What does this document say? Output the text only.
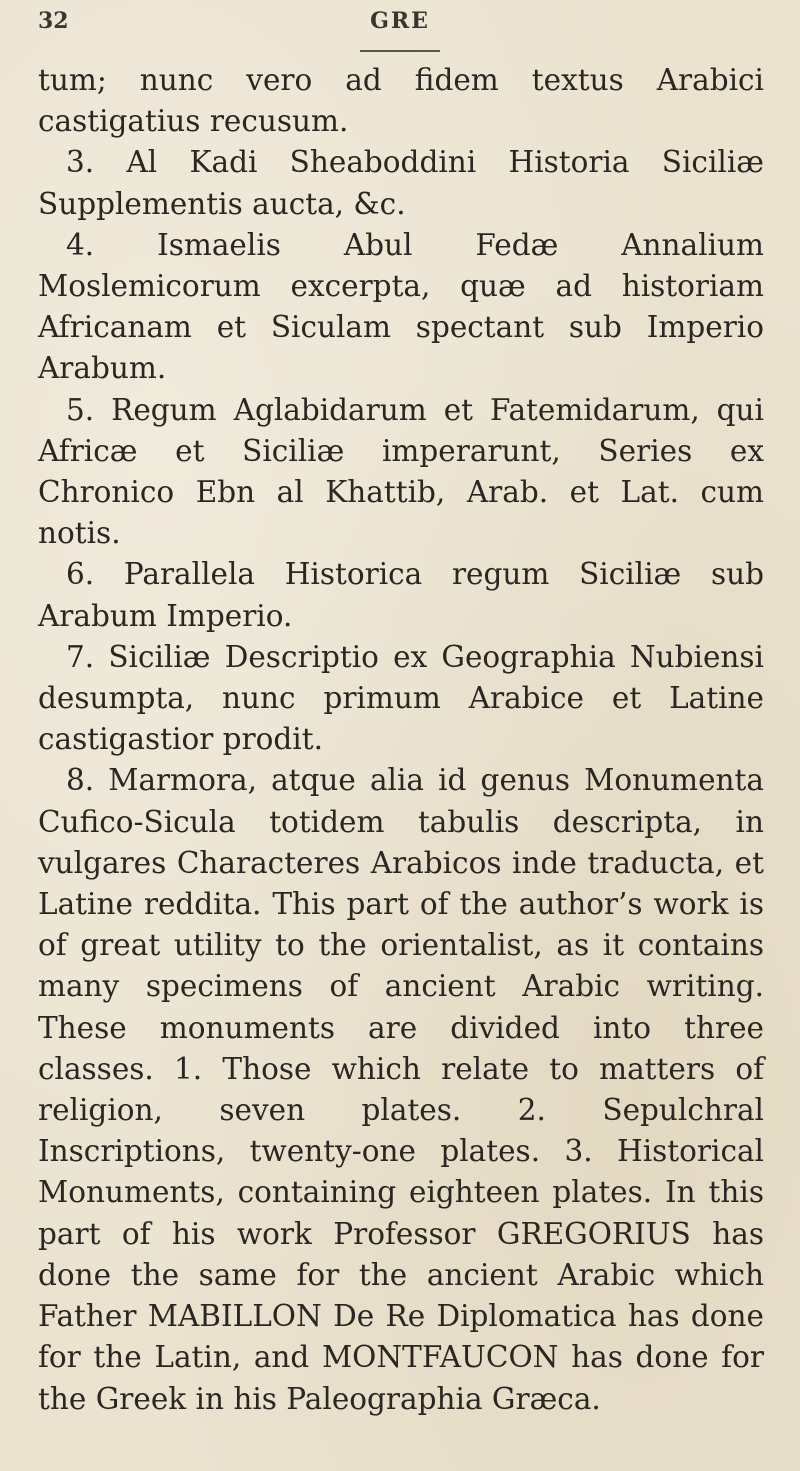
32	GRE

tum; nunc vero ad fidem textus Arabici castigatius recusum.

3. Al Kadi Sheaboddini Historia Siciliæ Supplementis aucta, &c.

4. Ismaelis Abul Fedæ Annalium Moslemicorum excerpta, quæ ad historiam Africanam et Siculam spectant sub Imperio Arabum.

5. Regum Aglabidarum et Fatemidarum, qui Africæ et Siciliæ imperarunt, Series ex Chronico Ebn al Khattib, Arab. et Lat. cum notis.

6. Parallela Historica regum Siciliæ sub Arabum Imperio.

7. Siciliæ Descriptio ex Geographia Nubiensi desumpta, nunc primum Arabice et Latine castigastior prodit.

8. Marmora, atque alia id genus Monumenta Cufico-Sicula totidem tabulis descripta, in vulgares Characteres Arabicos inde traducta, et Latine reddita. This part of the author’s work is of great utility to the orientalist, as it contains many specimens of ancient Arabic writing. These monuments are divided into three classes. 1. Those which relate to matters of religion, seven plates. 2. Sepulchral Inscriptions, twenty-one plates. 3. Historical Monuments, containing eighteen plates. In this part of his work Professor GREGORIUS has done the same for the ancient Arabic which Father MABILLON De Re Diplomatica has done for the Latin, and MONTFAUCON has done for the Greek in his Paleographia Græca.
